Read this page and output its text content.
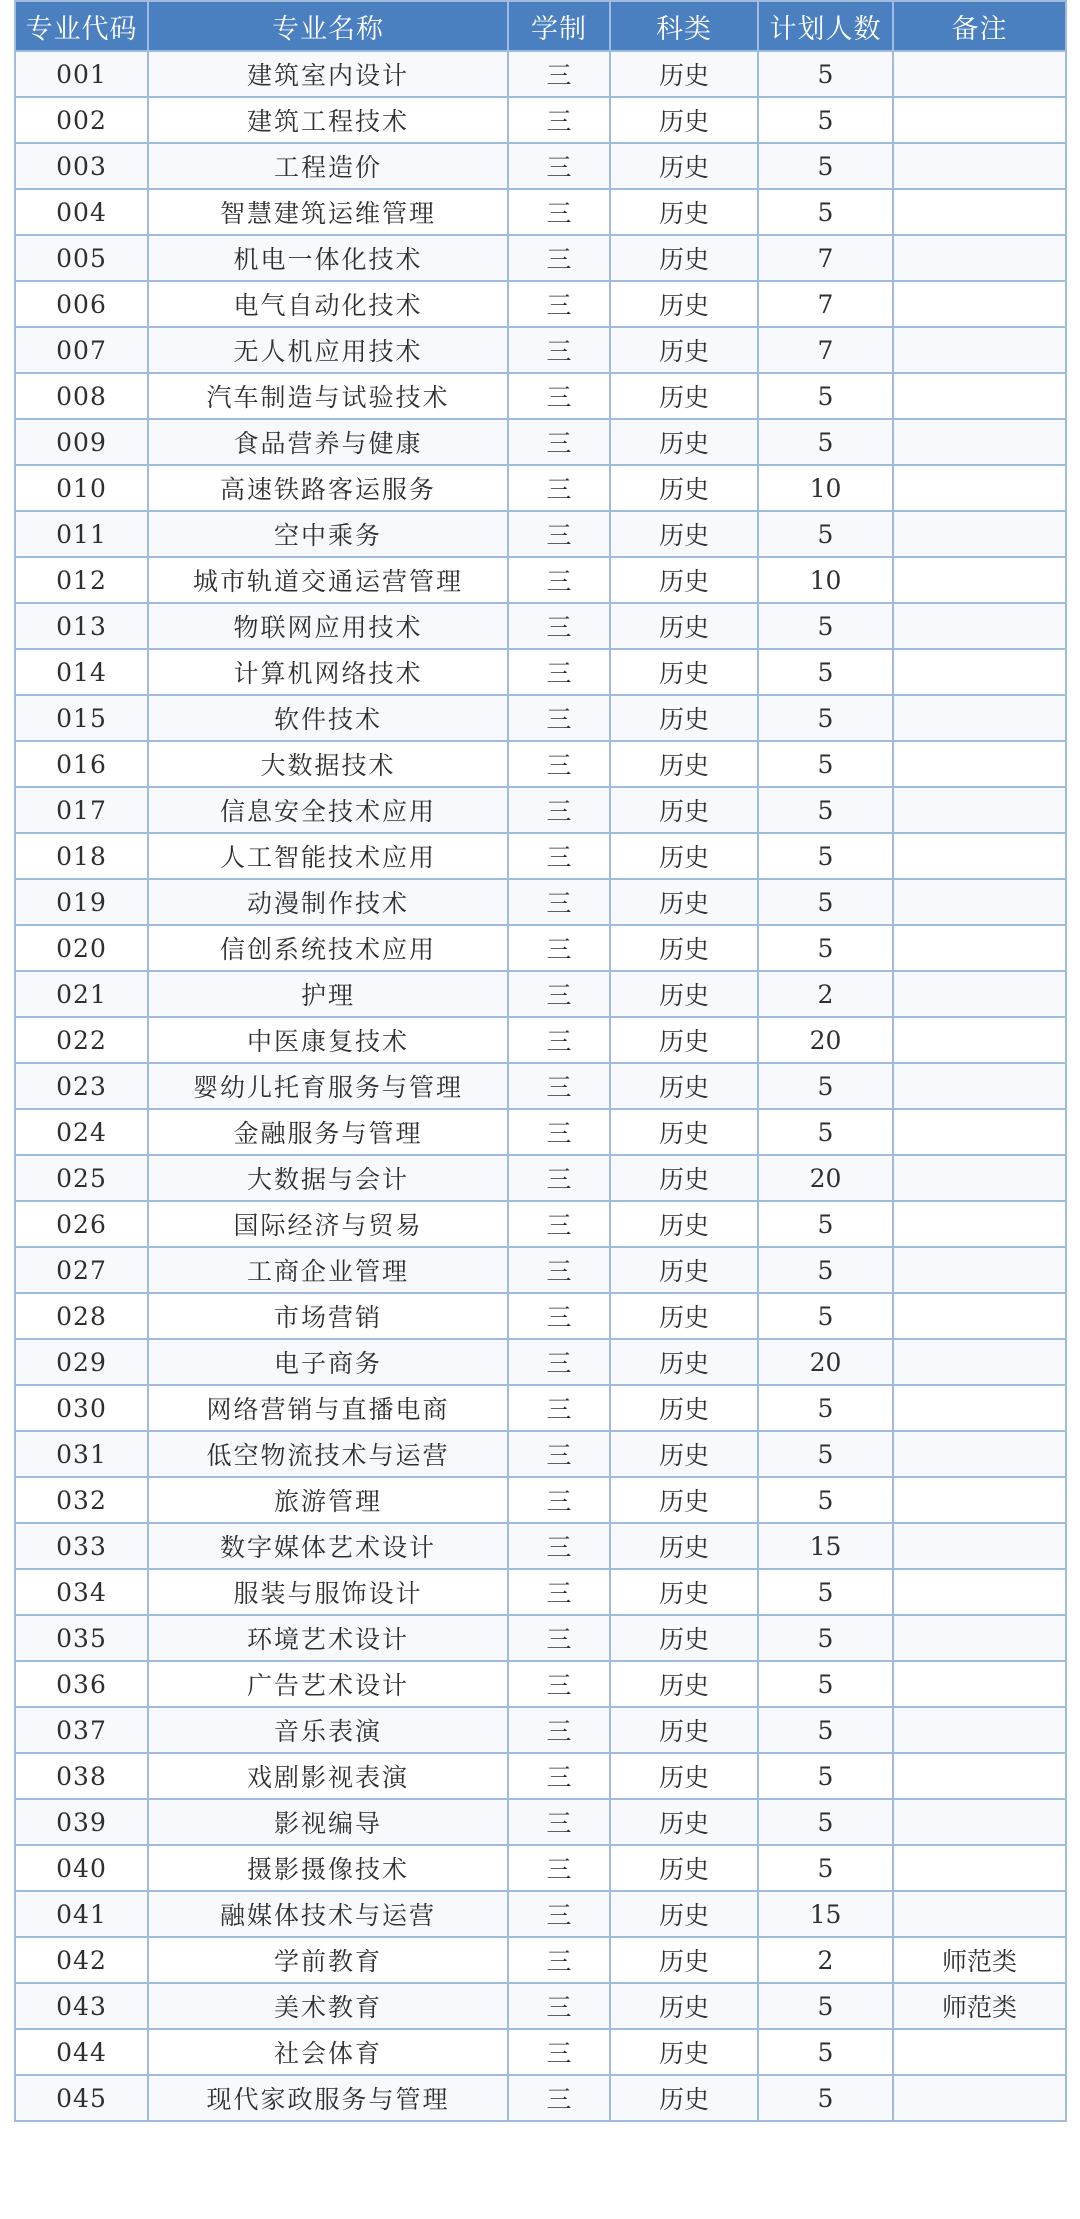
专业代码	专业名称	学制	科类	计划人数	备注
001	建筑室内设计	三	历史	5	
002	建筑工程技术	三	历史	5	
003	工程造价	三	历史	5	
004	智慧建筑运维管理	三	历史	5	
005	机电一体化技术	三	历史	7	
006	电气自动化技术	三	历史	7	
007	无人机应用技术	三	历史	7	
008	汽车制造与试验技术	三	历史	5	
009	食品营养与健康	三	历史	5	
010	高速铁路客运服务	三	历史	10	
011	空中乘务	三	历史	5	
012	城市轨道交通运营管理	三	历史	10	
013	物联网应用技术	三	历史	5	
014	计算机网络技术	三	历史	5	
015	软件技术	三	历史	5	
016	大数据技术	三	历史	5	
017	信息安全技术应用	三	历史	5	
018	人工智能技术应用	三	历史	5	
019	动漫制作技术	三	历史	5	
020	信创系统技术应用	三	历史	5	
021	护理	三	历史	2	
022	中医康复技术	三	历史	20	
023	婴幼儿托育服务与管理	三	历史	5	
024	金融服务与管理	三	历史	5	
025	大数据与会计	三	历史	20	
026	国际经济与贸易	三	历史	5	
027	工商企业管理	三	历史	5	
028	市场营销	三	历史	5	
029	电子商务	三	历史	20	
030	网络营销与直播电商	三	历史	5	
031	低空物流技术与运营	三	历史	5	
032	旅游管理	三	历史	5	
033	数字媒体艺术设计	三	历史	15	
034	服装与服饰设计	三	历史	5	
035	环境艺术设计	三	历史	5	
036	广告艺术设计	三	历史	5	
037	音乐表演	三	历史	5	
038	戏剧影视表演	三	历史	5	
039	影视编导	三	历史	5	
040	摄影摄像技术	三	历史	5	
041	融媒体技术与运营	三	历史	15	
042	学前教育	三	历史	2	师范类
043	美术教育	三	历史	5	师范类
044	社会体育	三	历史	5	
045	现代家政服务与管理	三	历史	5	
